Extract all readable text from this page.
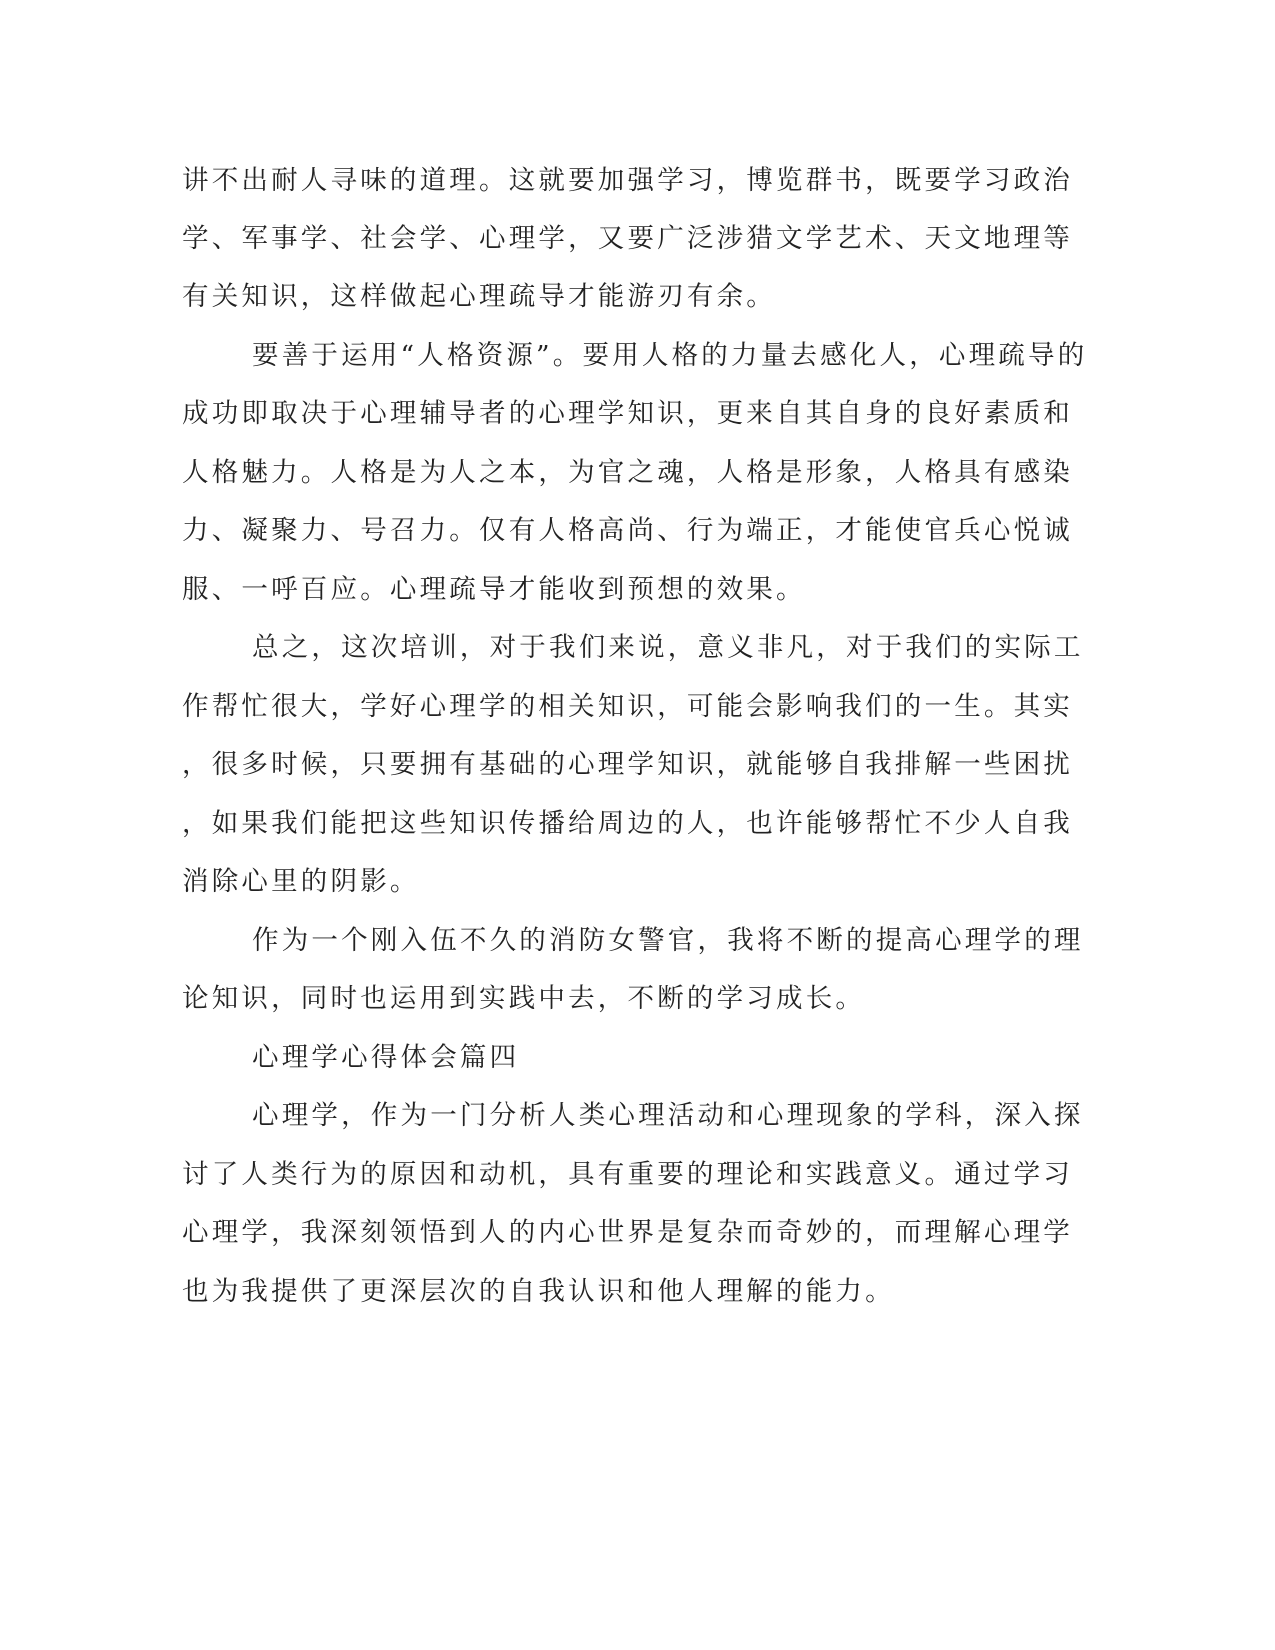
讲不出耐人寻味的道理。这就要加强学习，博览群书，既要学习政治

学、军事学、社会学、心理学，又要广泛涉猎文学艺术、天文地理等

有关知识，这样做起心理疏导才能游刃有余。

要善于运用“人格资源”。要用人格的力量去感化人，心理疏导的

成功即取决于心理辅导者的心理学知识，更来自其自身的良好素质和

人格魅力。人格是为人之本，为官之魂，人格是形象，人格具有感染

力、凝聚力、号召力。仅有人格高尚、行为端正，才能使官兵心悦诚

服、一呼百应。心理疏导才能收到预想的效果。

总之，这次培训，对于我们来说，意义非凡，对于我们的实际工

作帮忙很大，学好心理学的相关知识，可能会影响我们的一生。其实

，很多时候，只要拥有基础的心理学知识，就能够自我排解一些困扰

，如果我们能把这些知识传播给周边的人，也许能够帮忙不少人自我

消除心里的阴影。

作为一个刚入伍不久的消防女警官，我将不断的提高心理学的理

论知识，同时也运用到实践中去，不断的学习成长。

心理学心得体会篇四

心理学，作为一门分析人类心理活动和心理现象的学科，深入探

讨了人类行为的原因和动机，具有重要的理论和实践意义。通过学习

心理学，我深刻领悟到人的内心世界是复杂而奇妙的，而理解心理学

也为我提供了更深层次的自我认识和他人理解的能力。
